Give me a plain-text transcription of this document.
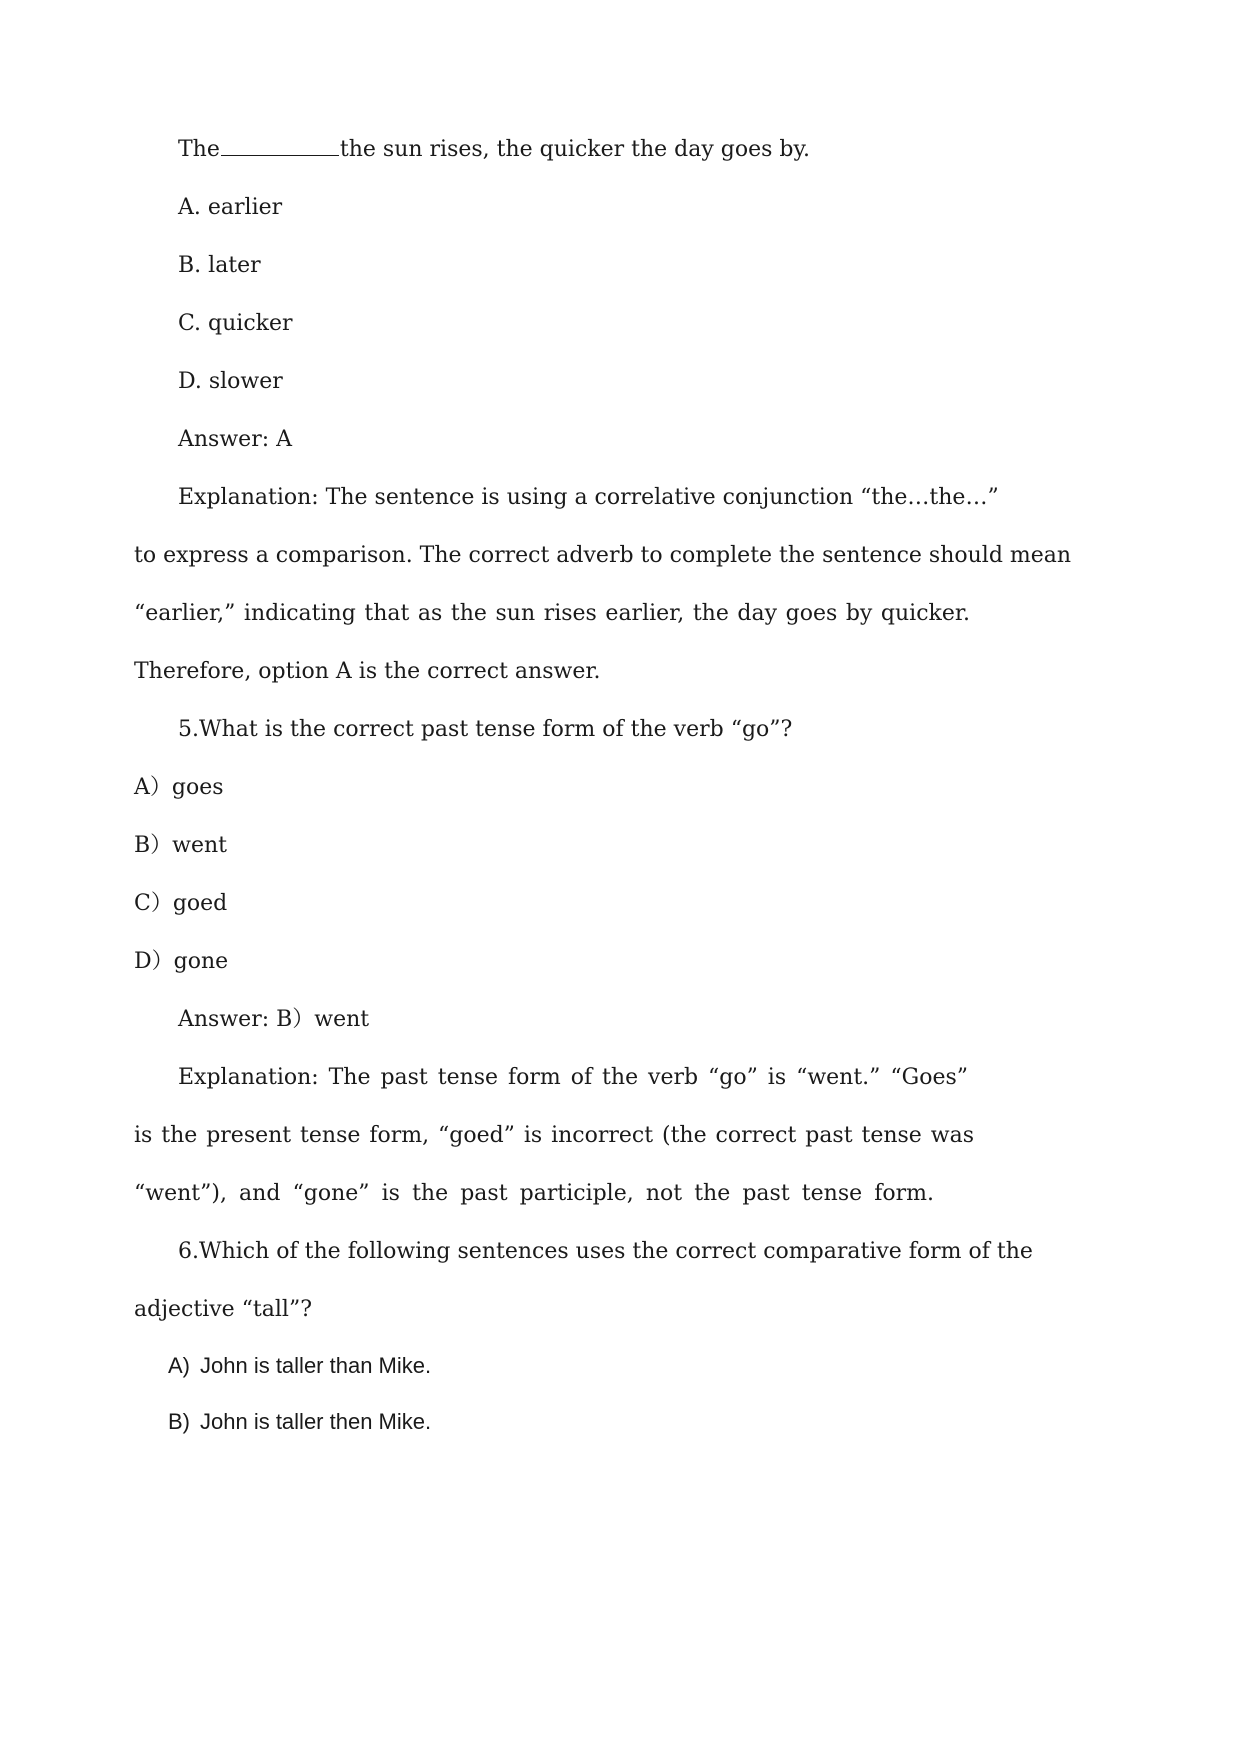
The	the sun rises, the quicker the day goes by.
A. earlier
B. later
C. quicker
D. slower
Answer: A
Explanation: The sentence is using a correlative conjunction “the…the…”
to express a comparison. The correct adverb to complete the sentence should mean
“earlier,” indicating that as the sun rises earlier, the day goes by quicker.
Therefore, option A is the correct answer.
5.What is the correct past tense form of the verb “go”?
A）goes
B）went
C）goed
D）gone
Answer: B）went
Explanation: The past tense form of the verb “go” is “went.” “Goes”
is the present tense form, “goed” is incorrect (the correct past tense was
“went”), and “gone” is the past participle, not the past tense form.
6.Which of the following sentences uses the correct comparative form of the
adjective “tall”?
A) John is taller than Mike.
B) John is taller then Mike.
